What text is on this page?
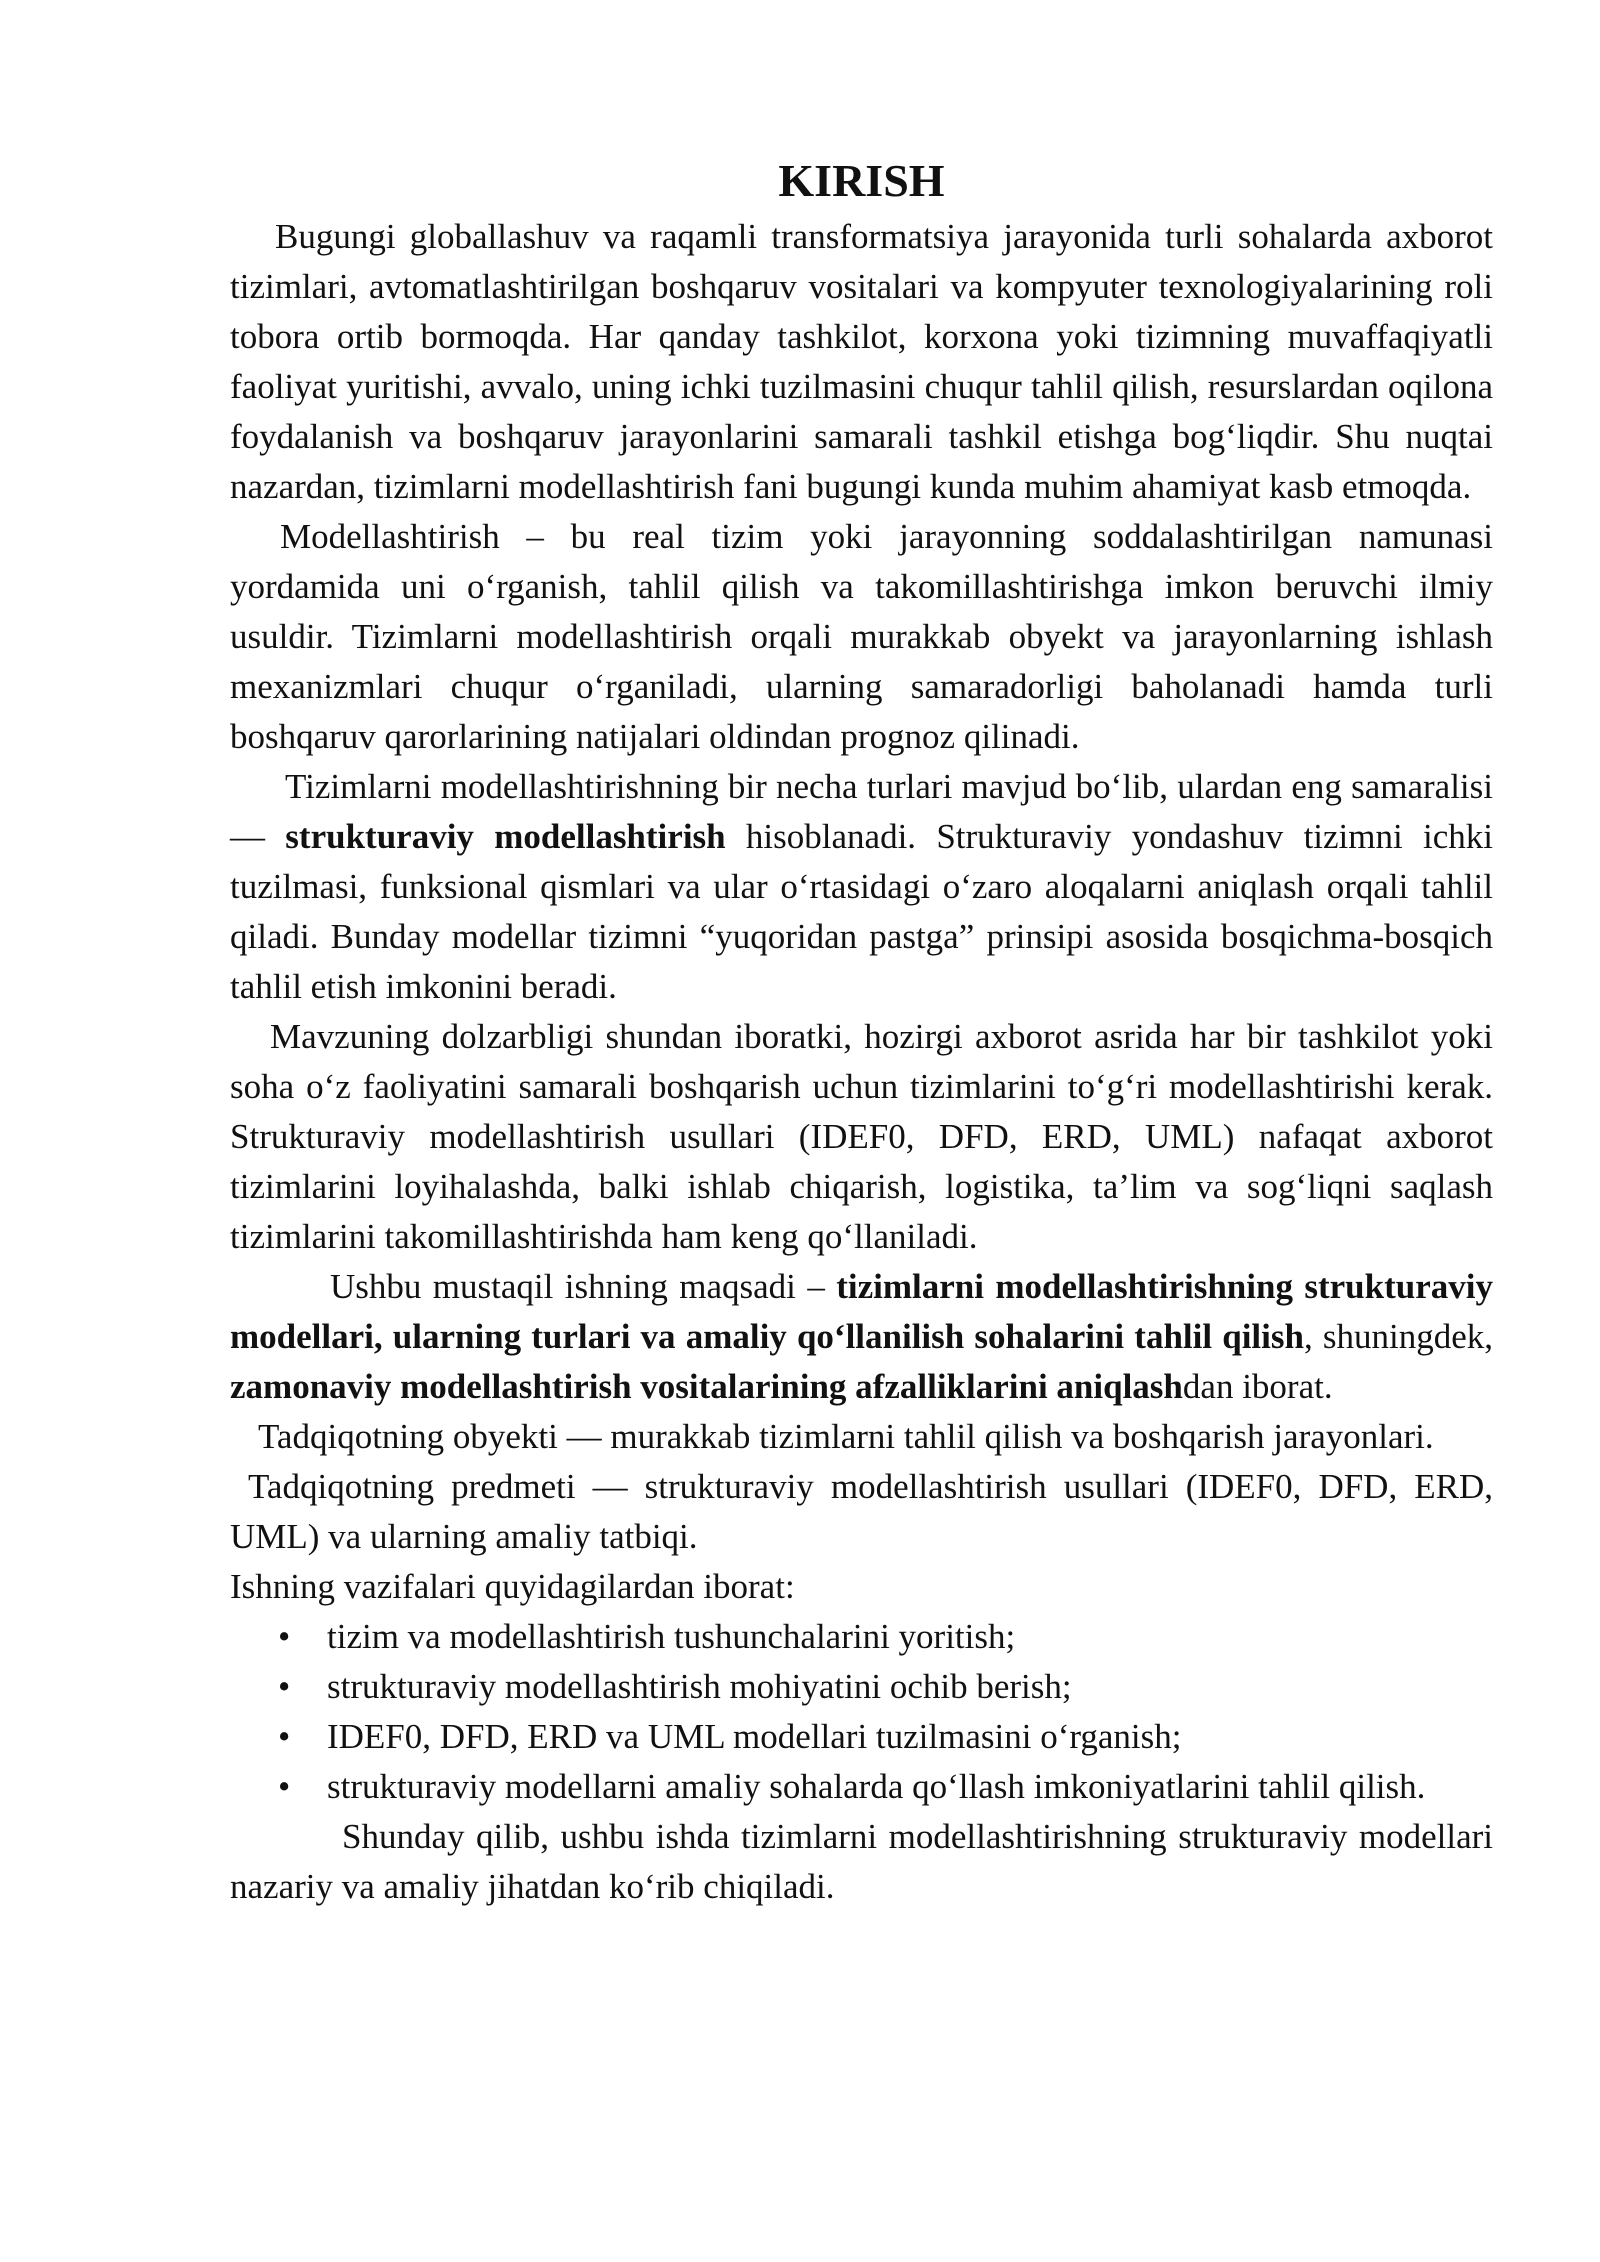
KIRISH

Bugungi globallashuv va raqamli transformatsiya jarayonida turli sohalarda axborot tizimlari, avtomatlashtirilgan boshqaruv vositalari va kompyuter texnologiyalarining roli tobora ortib bormoqda. Har qanday tashkilot, korxona yoki tizimning muvaffaqiyatli faoliyat yuritishi, avvalo, uning ichki tuzilmasini chuqur tahlil qilish, resurslardan oqilona foydalanish va boshqaruv jarayonlarini samarali tashkil etishga bog‘liqdir. Shu nuqtai nazardan, tizimlarni modellashtirish fani bugungi kunda muhim ahamiyat kasb etmoqda.

Modellashtirish – bu real tizim yoki jarayonning soddalashtirilgan namunasi yordamida uni o‘rganish, tahlil qilish va takomillashtirishga imkon beruvchi ilmiy usuldir. Tizimlarni modellashtirish orqali murakkab obyekt va jarayonlarning ishlash mexanizmlari chuqur o‘rganiladi, ularning samaradorligi baholanadi hamda turli boshqaruv qarorlarining natijalari oldindan prognoz qilinadi.

Tizimlarni modellashtirishning bir necha turlari mavjud bo‘lib, ulardan eng samaralisi — strukturaviy modellashtirish hisoblanadi. Strukturaviy yondashuv tizimni ichki tuzilmasi, funksional qismlari va ular o‘rtasidagi o‘zaro aloqalarni aniqlash orqali tahlil qiladi. Bunday modellar tizimni “yuqoridan pastga” prinsipi asosida bosqichma-bosqich tahlil etish imkonini beradi.

Mavzuning dolzarbligi shundan iboratki, hozirgi axborot asrida har bir tashkilot yoki soha o‘z faoliyatini samarali boshqarish uchun tizimlarini to‘g‘ri modellashtirishi kerak. Strukturaviy modellashtirish usullari (IDEF0, DFD, ERD, UML) nafaqat axborot tizimlarini loyihalashda, balki ishlab chiqarish, logistika, ta’lim va sog‘liqni saqlash tizimlarini takomillashtirishda ham keng qo‘llaniladi.

Ushbu mustaqil ishning maqsadi – tizimlarni modellashtirishning strukturaviy modellari, ularning turlari va amaliy qo‘llanilish sohalarini tahlil qilish, shuningdek, zamonaviy modellashtirish vositalarining afzalliklarini aniqlashdan iborat.

Tadqiqotning obyekti — murakkab tizimlarni tahlil qilish va boshqarish jarayonlari.

Tadqiqotning predmeti — strukturaviy modellashtirish usullari (IDEF0, DFD, ERD, UML) va ularning amaliy tatbiqi.

Ishning vazifalari quyidagilardan iborat:

• tizim va modellashtirish tushunchalarini yoritish;
• strukturaviy modellashtirish mohiyatini ochib berish;
• IDEF0, DFD, ERD va UML modellari tuzilmasini o‘rganish;
• strukturaviy modellarni amaliy sohalarda qo‘llash imkoniyatlarini tahlil qilish.

Shunday qilib, ushbu ishda tizimlarni modellashtirishning strukturaviy modellari nazariy va amaliy jihatdan ko‘rib chiqiladi.
